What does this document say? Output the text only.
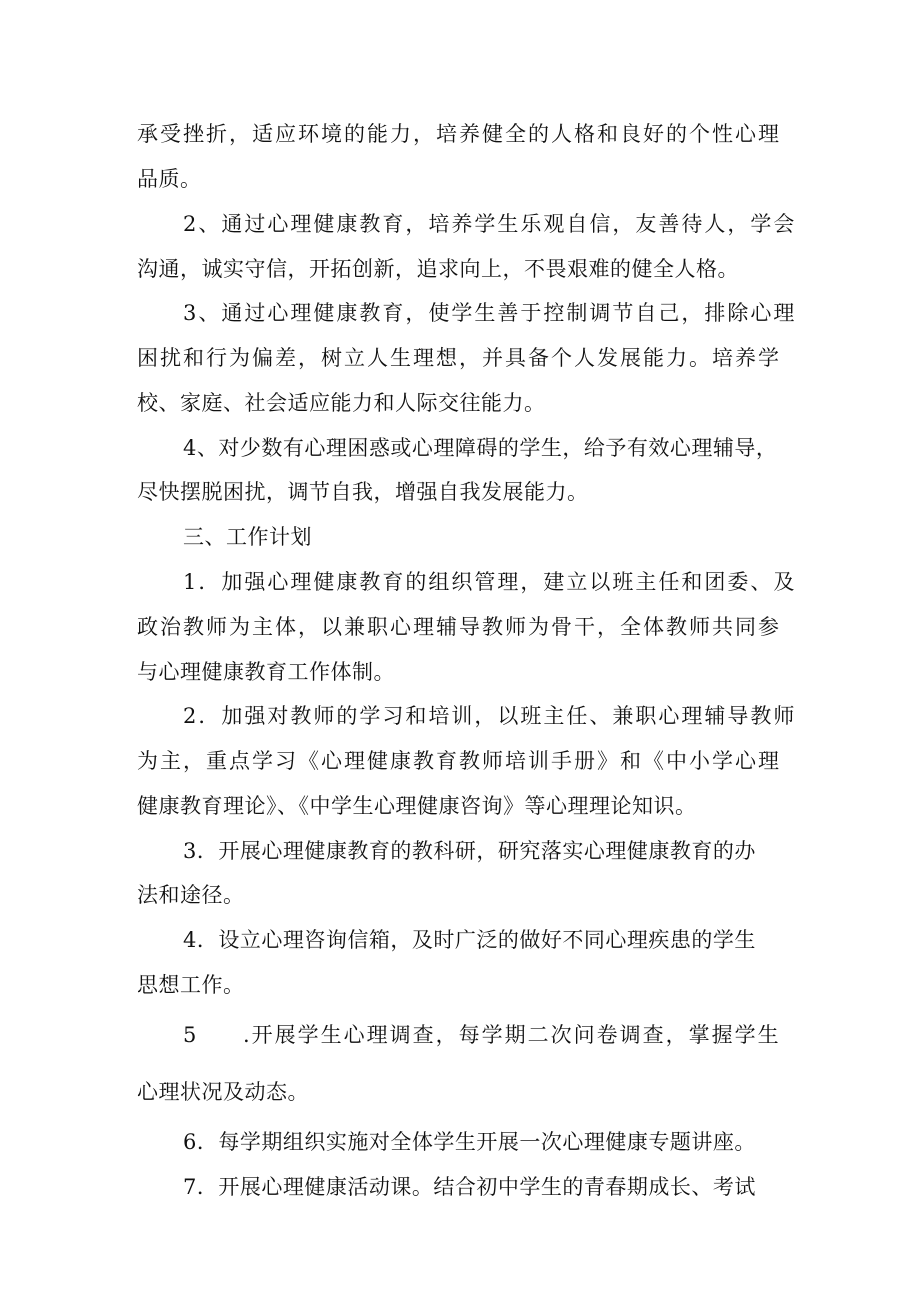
承受挫折，适应环境的能力，培养健全的人格和良好的个性心理
品质。
2、通过心理健康教育，培养学生乐观自信，友善待人，学会
沟通，诚实守信，开拓创新，追求向上，不畏艰难的健全人格。
3、通过心理健康教育，使学生善于控制调节自己，排除心理
困扰和行为偏差，树立人生理想，并具备个人发展能力。培养学
校、家庭、社会适应能力和人际交往能力。
4、对少数有心理困惑或心理障碍的学生，给予有效心理辅导，
尽快摆脱困扰，调节自我，增强自我发展能力。
三、工作计划
1．加强心理健康教育的组织管理，建立以班主任和团委、及
政治教师为主体，以兼职心理辅导教师为骨干，全体教师共同参
与心理健康教育工作体制。
2．加强对教师的学习和培训，以班主任、兼职心理辅导教师
为主，重点学习《心理健康教育教师培训手册》和《中小学心理
健康教育理论》、《中学生心理健康咨询》等心理理论知识。
3．开展心理健康教育的教科研，研究落实心理健康教育的办
法和途径。
4．设立心理咨询信箱，及时广泛的做好不同心理疾患的学生
思想工作。
5 .开展学生心理调查，每学期二次问卷调查，掌握学生
心理状况及动态。
6．每学期组织实施对全体学生开展一次心理健康专题讲座。
7．开展心理健康活动课。结合初中学生的青春期成长、考试
